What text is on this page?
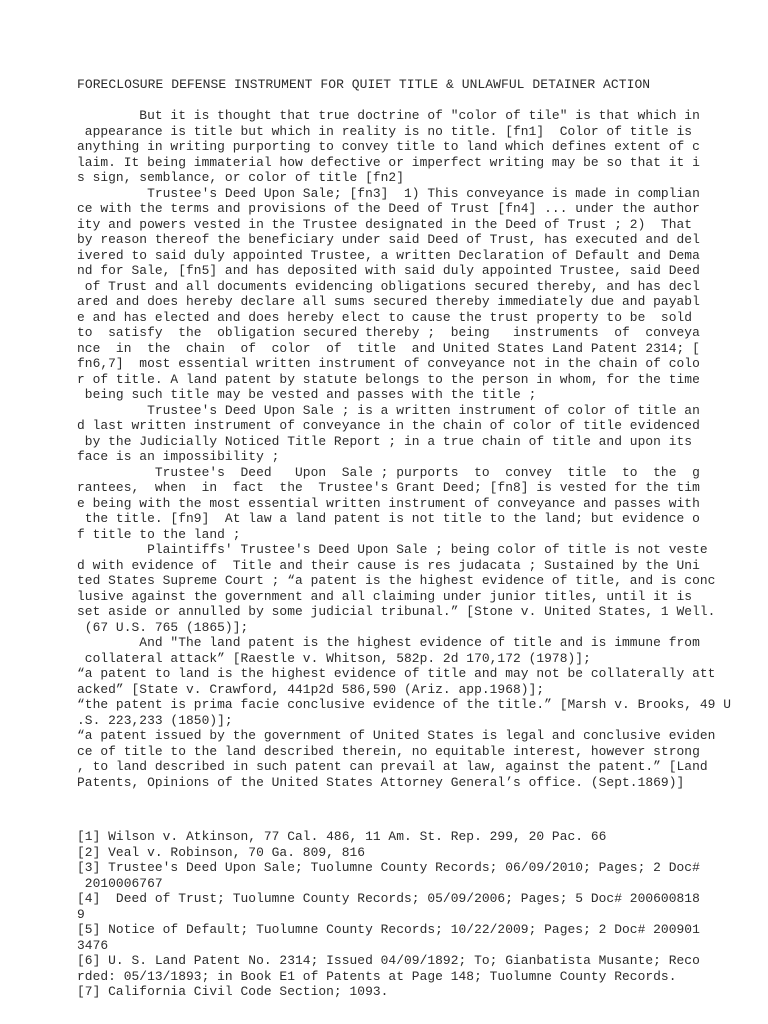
FORECLOSURE DEFENSE INSTRUMENT FOR QUIET TITLE & UNLAWFUL DETAINER ACTION
But it is thought that true doctrine of "color of tile" is that which in
appearance is title but which in reality is no title. [fn1]  Color of title is
anything in writing purporting to convey title to land which defines extent of c
laim. It being immaterial how defective or imperfect writing may be so that it i
s sign, semblance, or color of title [fn2]
Trustee's Deed Upon Sale; [fn3]  1) This conveyance is made in complian
ce with the terms and provisions of the Deed of Trust [fn4] ... under the author
ity and powers vested in the Trustee designated in the Deed of Trust ; 2)  That
by reason thereof the beneficiary under said Deed of Trust, has executed and del
ivered to said duly appointed Trustee, a written Declaration of Default and Dema
nd for Sale, [fn5] and has deposited with said duly appointed Trustee, said Deed
of Trust and all documents evidencing obligations secured thereby, and has decl
ared and does hereby declare all sums secured thereby immediately due and payabl
e and has elected and does hereby elect to cause the trust property to be  sold
to  satisfy  the  obligation secured thereby ;  being   instruments  of  conveya
nce  in  the  chain  of  color  of  title  and United States Land Patent 2314; [
fn6,7]  most essential written instrument of conveyance not in the chain of colo
r of title. A land patent by statute belongs to the person in whom, for the time
being such title may be vested and passes with the title ;
Trustee's Deed Upon Sale ; is a written instrument of color of title an
d last written instrument of conveyance in the chain of color of title evidenced
by the Judicially Noticed Title Report ; in a true chain of title and upon its
face is an impossibility ;
Trustee's  Deed   Upon  Sale ; purports  to  convey  title  to  the  g
rantees,  when  in  fact  the  Trustee's Grant Deed; [fn8] is vested for the tim
e being with the most essential written instrument of conveyance and passes with
the title. [fn9]  At law a land patent is not title to the land; but evidence o
f title to the land ;
Plaintiffs' Trustee's Deed Upon Sale ; being color of title is not veste
d with evidence of  Title and their cause is res judacata ; Sustained by the Uni
ted States Supreme Court ; “a patent is the highest evidence of title, and is conc
lusive against the government and all claiming under junior titles, until it is
set aside or annulled by some judicial tribunal.” [Stone v. United States, 1 Well.
(67 U.S. 765 (1865)];
And "The land patent is the highest evidence of title and is immune from
collateral attack” [Raestle v. Whitson, 582p. 2d 170,172 (1978)];
“a patent to land is the highest evidence of title and may not be collaterally att
acked” [State v. Crawford, 441p2d 586,590 (Ariz. app.1968)];
“the patent is prima facie conclusive evidence of the title.” [Marsh v. Brooks, 49 U
.S. 223,233 (1850)];
“a patent issued by the government of United States is legal and conclusive eviden
ce of title to the land described therein, no equitable interest, however strong
, to land described in such patent can prevail at law, against the patent.” [Land
Patents, Opinions of the United States Attorney General’s office. (Sept.1869)]
[1] Wilson v. Atkinson, 77 Cal. 486, 11 Am. St. Rep. 299, 20 Pac. 66
[2] Veal v. Robinson, 70 Ga. 809, 816
[3] Trustee's Deed Upon Sale; Tuolumne County Records; 06/09/2010; Pages; 2 Doc#
2010006767
[4]  Deed of Trust; Tuolumne County Records; 05/09/2006; Pages; 5 Doc# 200600818
9
[5] Notice of Default; Tuolumne County Records; 10/22/2009; Pages; 2 Doc# 200901
3476
[6] U. S. Land Patent No. 2314; Issued 04/09/1892; To; Gianbatista Musante; Reco
rded: 05/13/1893; in Book E1 of Patents at Page 148; Tuolumne County Records.
[7] California Civil Code Section; 1093.
